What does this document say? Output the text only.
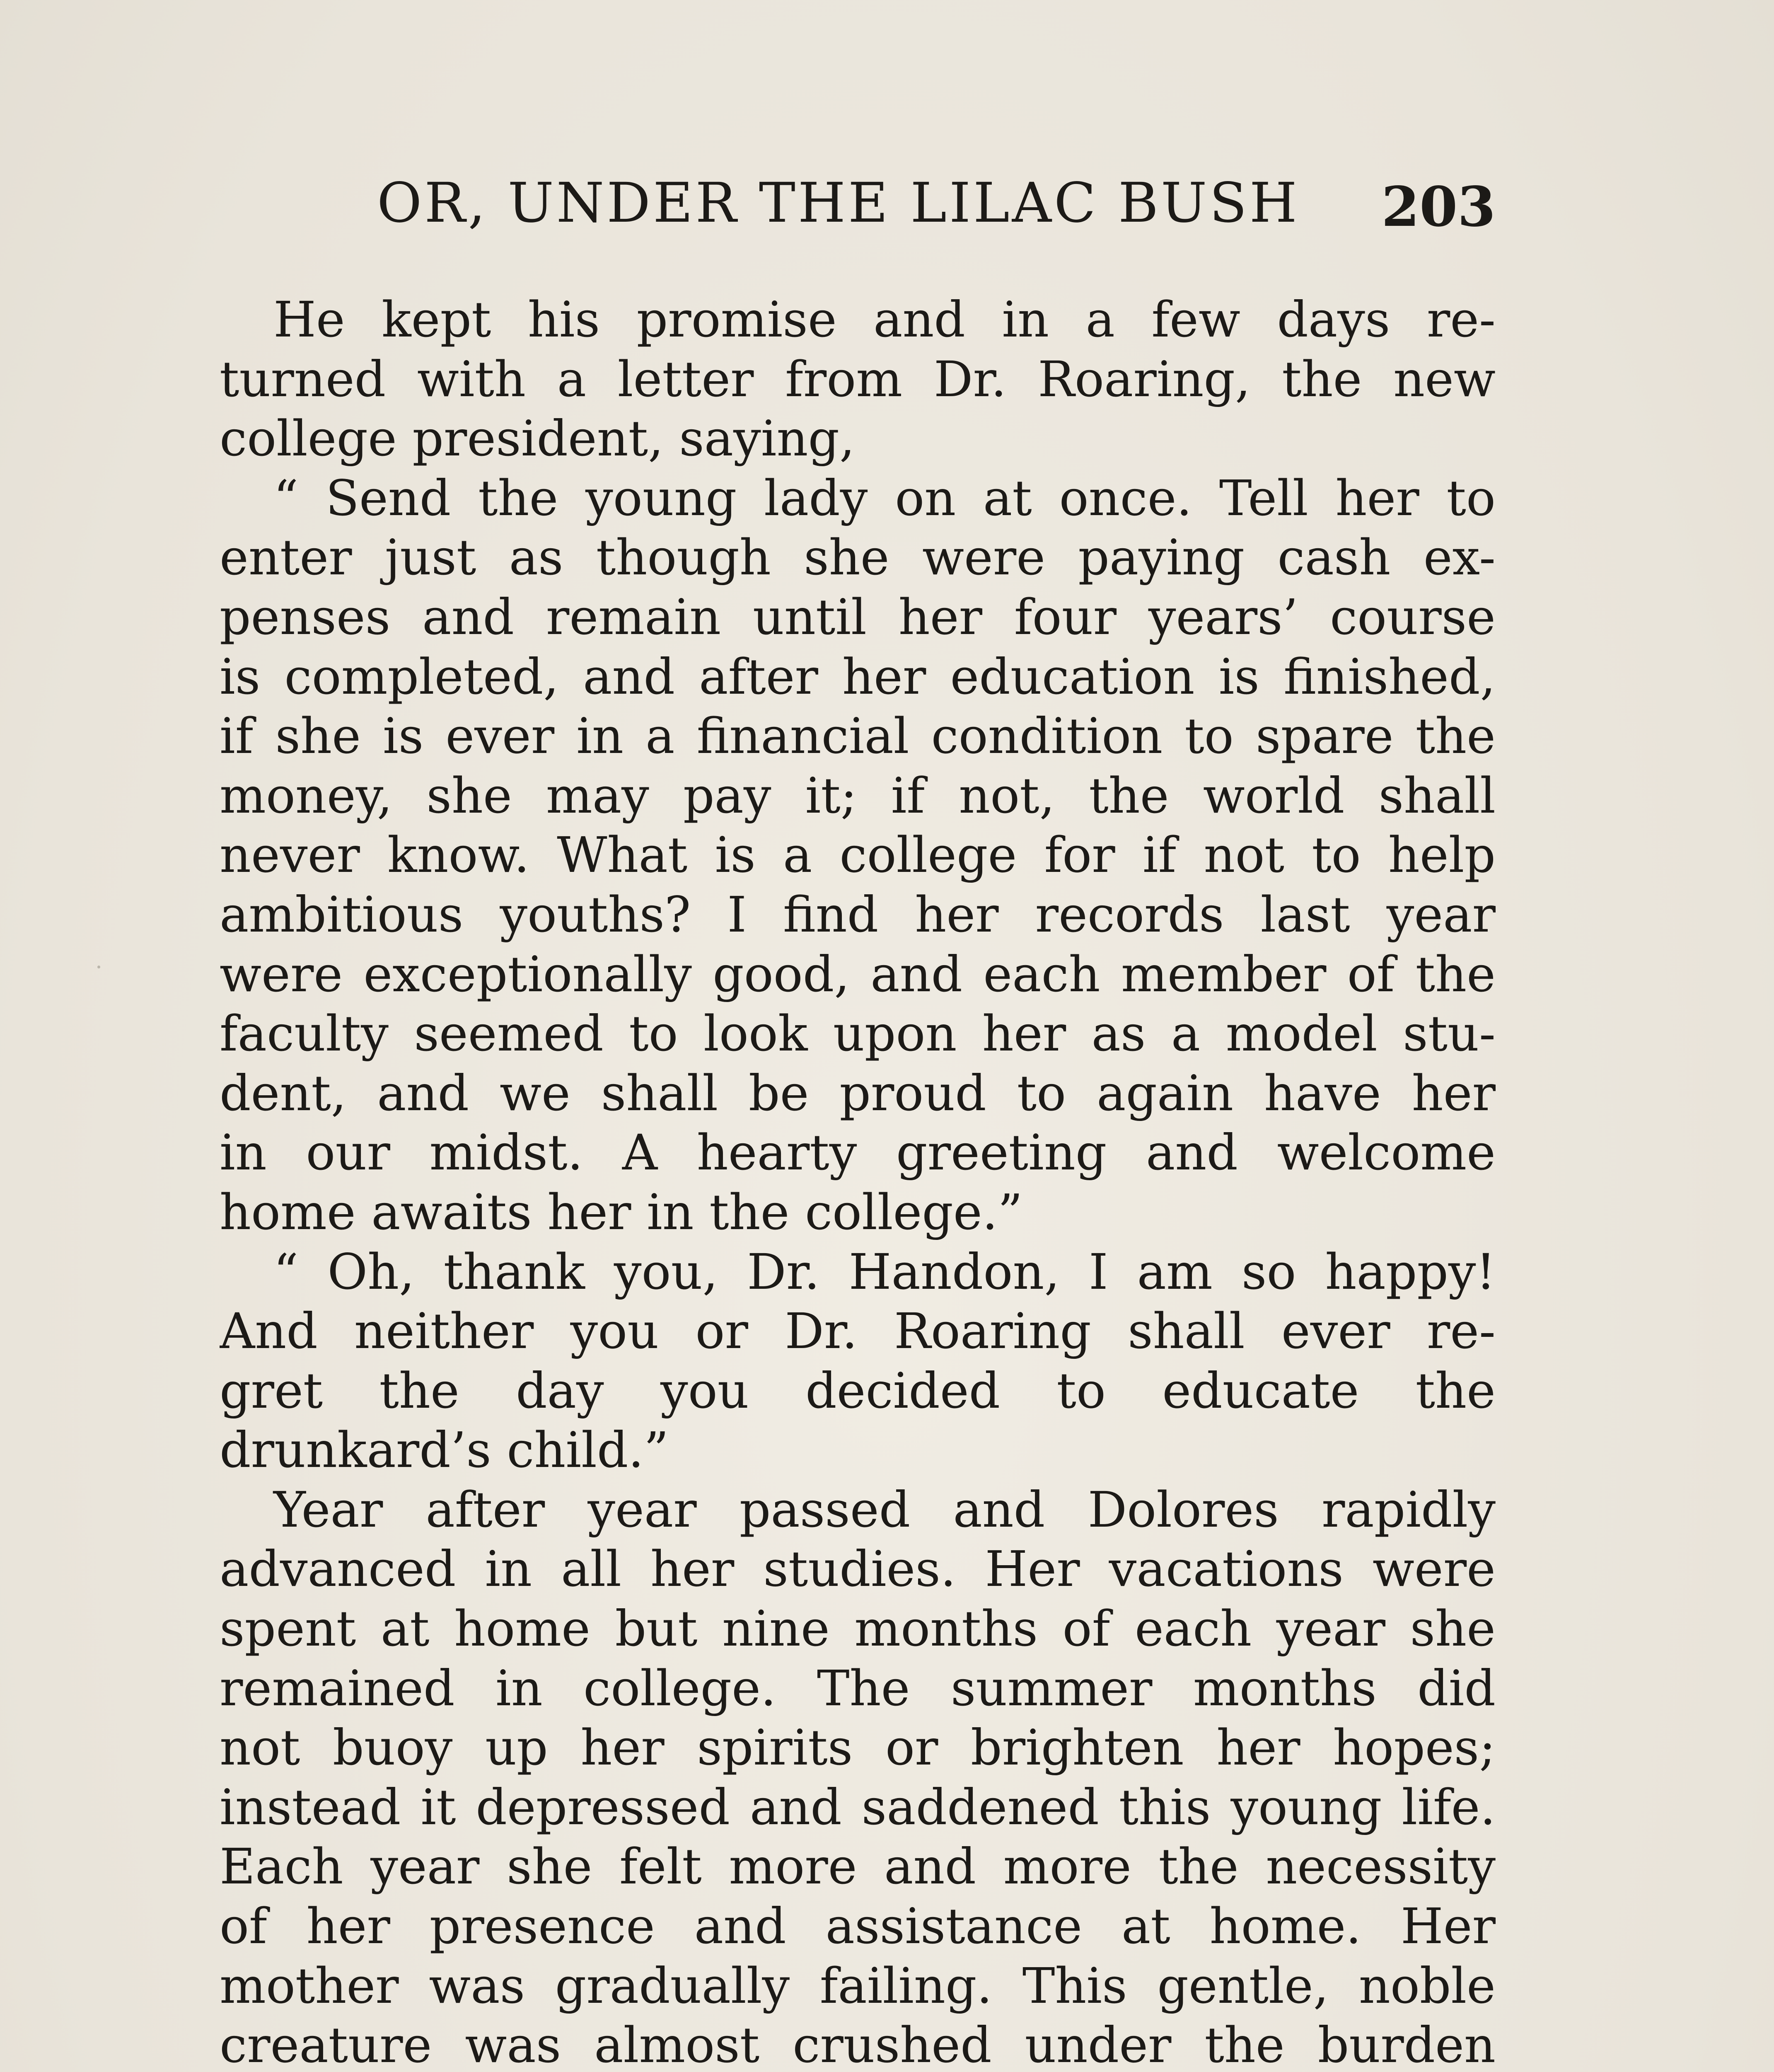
OR, UNDER THE LILAC BUSH 203
He kept his promise and in a few days re-
turned with a letter from Dr. Roaring, the new
college president, saying,
“ Send the young lady on at once. Tell her to
enter just as though she were paying cash ex-
penses and remain until her four years’ course
is completed, and after her education is finished,
if she is ever in a financial condition to spare the
money, she may pay it; if not, the world shall
never know. What is a college for if not to help
ambitious youths? I find her records last year
were exceptionally good, and each member of the
faculty seemed to look upon her as a model stu-
dent, and we shall be proud to again have her
in our midst. A hearty greeting and welcome
home awaits her in the college.”
“ Oh, thank you, Dr. Handon, I am so happy!
And neither you or Dr. Roaring shall ever re-
gret the day you decided to educate the
drunkard’s child.”
Year after year passed and Dolores rapidly
advanced in all her studies. Her vacations were
spent at home but nine months of each year she
remained in college. The summer months did
not buoy up her spirits or brighten her hopes;
instead it depressed and saddened this young life.
Each year she felt more and more the necessity
of her presence and assistance at home. Her
mother was gradually failing. This gentle, noble
creature was almost crushed under the burden
